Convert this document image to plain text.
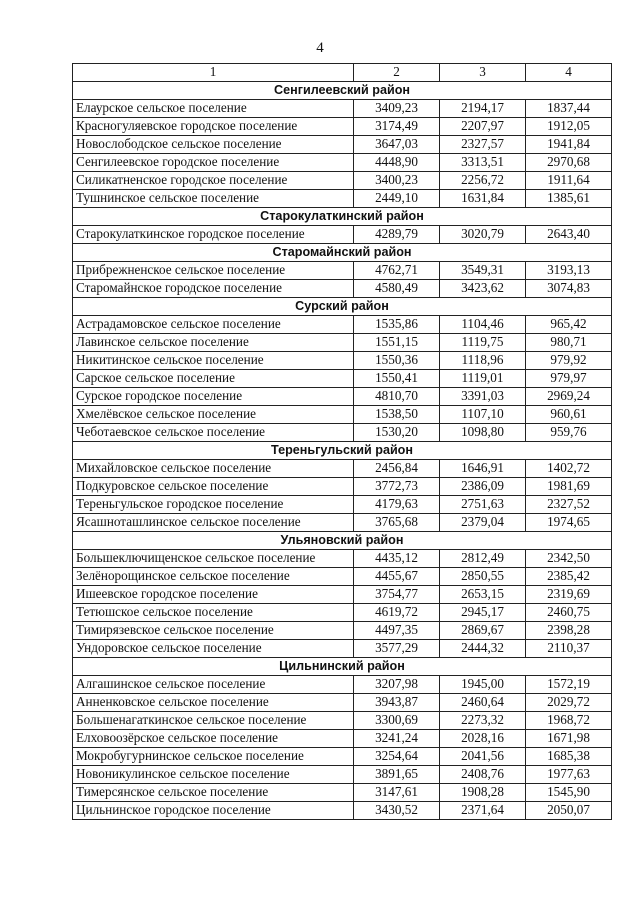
4
1	2	3	4
Сенгилеевский район			
Елаурское сельское поселение	3409,23	2194,17	1837,44
Красногуляевское городское поселение	3174,49	2207,97	1912,05
Новослободское сельское поселение	3647,03	2327,57	1941,84
Сенгилеевское городское поселение	4448,90	3313,51	2970,68
Силикатненское городское поселение	3400,23	2256,72	1911,64
Тушнинское сельское поселение	2449,10	1631,84	1385,61
Старокулаткинский район			
Старокулаткинское городское поселение	4289,79	3020,79	2643,40
Старомайнский район			
Прибрежненское сельское поселение	4762,71	3549,31	3193,13
Старомайнское городское поселение	4580,49	3423,62	3074,83
Сурский район			
Астрадамовское сельское поселение	1535,86	1104,46	965,42
Лавинское сельское поселение	1551,15	1119,75	980,71
Никитинское сельское поселение	1550,36	1118,96	979,92
Сарское сельское поселение	1550,41	1119,01	979,97
Сурское городское поселение	4810,70	3391,03	2969,24
Хмелёвское сельское поселение	1538,50	1107,10	960,61
Чеботаевское сельское поселение	1530,20	1098,80	959,76
Тереньгульский район			
Михайловское сельское поселение	2456,84	1646,91	1402,72
Подкуровское сельское поселение	3772,73	2386,09	1981,69
Тереньгульское городское поселение	4179,63	2751,63	2327,52
Ясашноташлинское сельское поселение	3765,68	2379,04	1974,65
Ульяновский район			
Большеключищенское сельское поселение	4435,12	2812,49	2342,50
Зелёнорощинское сельское поселение	4455,67	2850,55	2385,42
Ишеевское городское поселение	3754,77	2653,15	2319,69
Тетюшское сельское поселение	4619,72	2945,17	2460,75
Тимирязевское сельское поселение	4497,35	2869,67	2398,28
Ундоровское сельское поселение	3577,29	2444,32	2110,37
Цильнинский район			
Алгашинское сельское поселение	3207,98	1945,00	1572,19
Анненковское сельское поселение	3943,87	2460,64	2029,72
Большенагаткинское сельское поселение	3300,69	2273,32	1968,72
Елховоозёрское сельское поселение	3241,24	2028,16	1671,98
Мокробугурнинское сельское поселение	3254,64	2041,56	1685,38
Новоникулинское сельское поселение	3891,65	2408,76	1977,63
Тимерсянское сельское поселение	3147,61	1908,28	1545,90
Цильнинское городское поселение	3430,52	2371,64	2050,07
